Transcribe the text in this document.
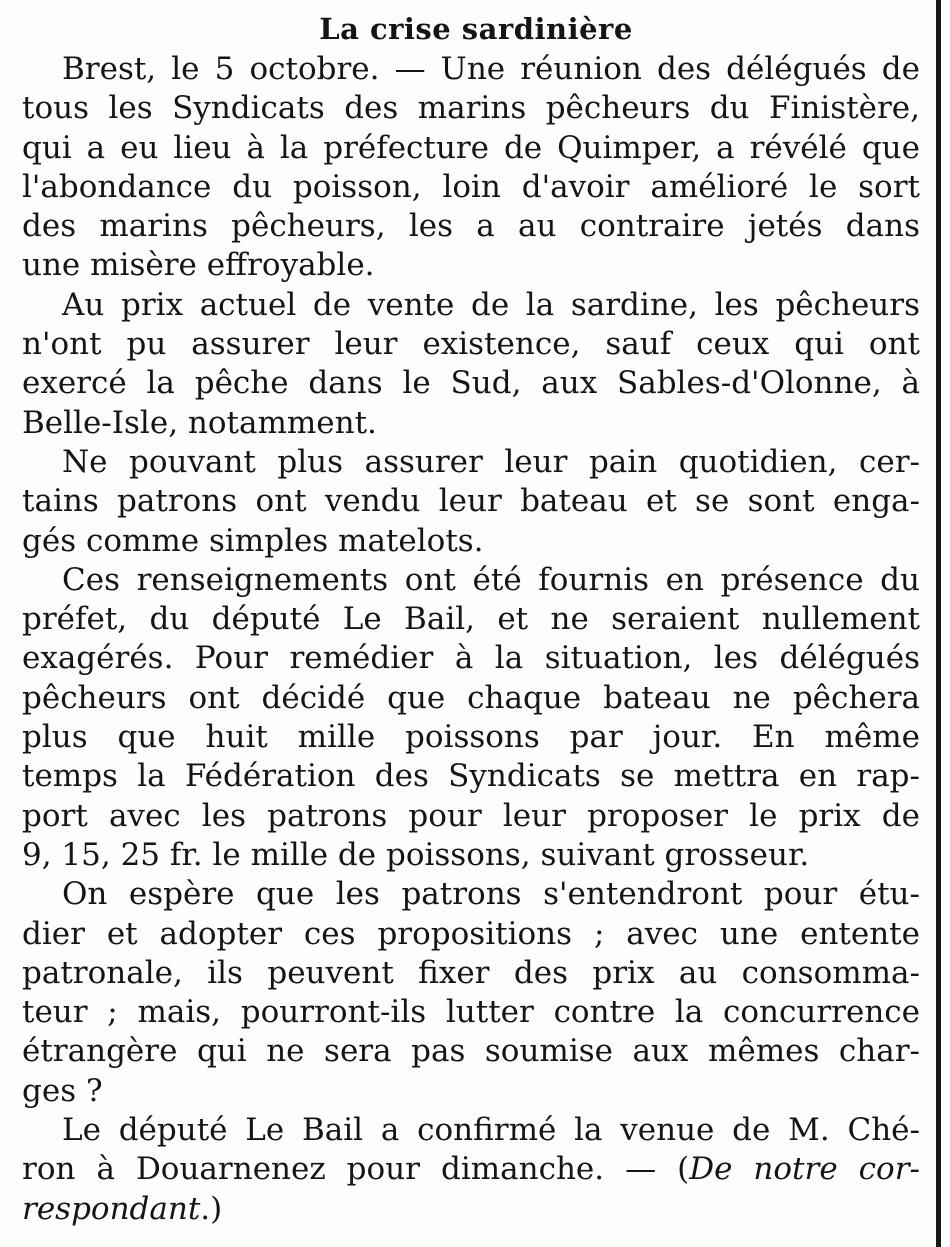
La crise sardinière
Brest, le 5 octobre. — Une réunion des délégués de
tous les Syndicats des marins pêcheurs du Finistère,
qui a eu lieu à la préfecture de Quimper, a révélé que
l'abondance du poisson, loin d'avoir amélioré le sort
des marins pêcheurs, les a au contraire jetés dans
une misère effroyable.
Au prix actuel de vente de la sardine, les pêcheurs
n'ont pu assurer leur existence, sauf ceux qui ont
exercé la pêche dans le Sud, aux Sables-d'Olonne, à
Belle-Isle, notamment.
Ne pouvant plus assurer leur pain quotidien, cer-
tains patrons ont vendu leur bateau et se sont enga-
gés comme simples matelots.
Ces renseignements ont été fournis en présence du
préfet, du député Le Bail, et ne seraient nullement
exagérés. Pour remédier à la situation, les délégués
pêcheurs ont décidé que chaque bateau ne pêchera
plus que huit mille poissons par jour. En même
temps la Fédération des Syndicats se mettra en rap-
port avec les patrons pour leur proposer le prix de
9, 15, 25 fr. le mille de poissons, suivant grosseur.
On espère que les patrons s'entendront pour étu-
dier et adopter ces propositions ; avec une entente
patronale, ils peuvent fixer des prix au consomma-
teur ; mais, pourront-ils lutter contre la concurrence
étrangère qui ne sera pas soumise aux mêmes char-
ges ?
Le député Le Bail a confirmé la venue de M. Ché-
ron à Douarnenez pour dimanche. — (De notre cor-
respondant.)
